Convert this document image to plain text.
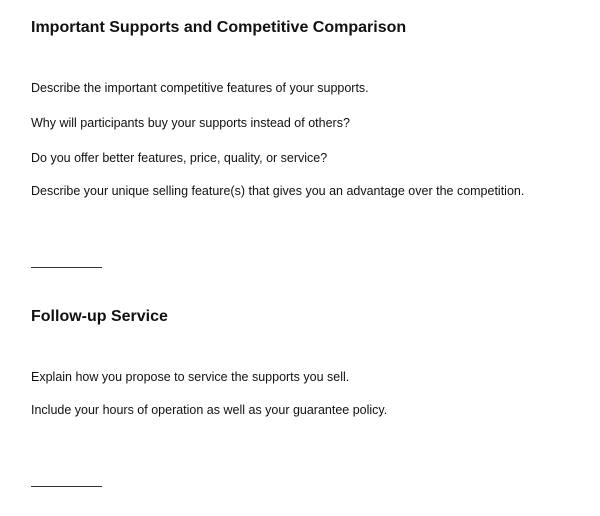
Important Supports and Competitive Comparison

Describe the important competitive features of your supports.

Why will participants buy your supports instead of others?

Do you offer better features, price, quality, or service?

Describe your unique selling feature(s) that gives you an advantage over the competition.

Follow-up Service

Explain how you propose to service the supports you sell.

Include your hours of operation as well as your guarantee policy.
